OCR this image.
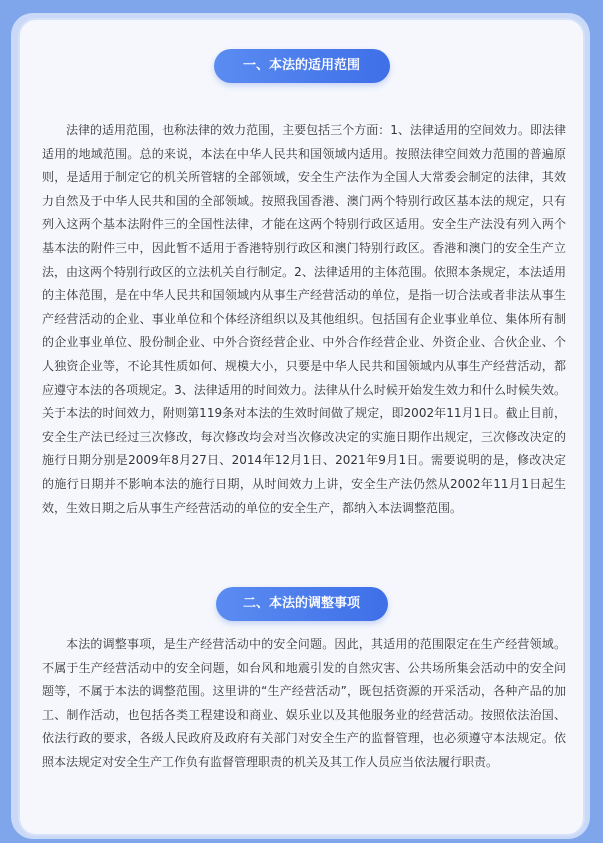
一、本法的适用范围

法律的适用范围，也称法律的效力范围，主要包括三个方面：1、法律适用的空间效力。即法律适用的地域范围。总的来说，本法在中华人民共和国领域内适用。按照法律空间效力范围的普遍原则，是适用于制定它的机关所管辖的全部领域，安全生产法作为全国人大常委会制定的法律，其效力自然及于中华人民共和国的全部领域。按照我国香港、澳门两个特别行政区基本法的规定，只有列入这两个基本法附件三的全国性法律，才能在这两个特别行政区适用。安全生产法没有列入两个基本法的附件三中，因此暂不适用于香港特别行政区和澳门特别行政区。香港和澳门的安全生产立法，由这两个特别行政区的立法机关自行制定。2、法律适用的主体范围。依照本条规定，本法适用的主体范围，是在中华人民共和国领域内从事生产经营活动的单位，是指一切合法或者非法从事生产经营活动的企业、事业单位和个体经济组织以及其他组织。包括国有企业事业单位、集体所有制的企业事业单位、股份制企业、中外合资经营企业、中外合作经营企业、外资企业、合伙企业、个人独资企业等，不论其性质如何、规模大小，只要是中华人民共和国领域内从事生产经营活动，都应遵守本法的各项规定。3、法律适用的时间效力。法律从什么时候开始发生效力和什么时候失效。关于本法的时间效力，附则第119条对本法的生效时间做了规定，即2002年11月1日。截止目前，安全生产法已经过三次修改，每次修改均会对当次修改决定的实施日期作出规定，三次修改决定的施行日期分别是2009年8月27日、2014年12月1日、2021年9月1日。需要说明的是，修改决定的施行日期并不影响本法的施行日期，从时间效力上讲，安全生产法仍然从2002年11月1日起生效，生效日期之后从事生产经营活动的单位的安全生产，都纳入本法调整范围。

二、本法的调整事项

本法的调整事项，是生产经营活动中的安全问题。因此，其适用的范围限定在生产经营领域。不属于生产经营活动中的安全问题，如台风和地震引发的自然灾害、公共场所集会活动中的安全问题等，不属于本法的调整范围。这里讲的“生产经营活动”，既包括资源的开采活动，各种产品的加工、制作活动，也包括各类工程建设和商业、娱乐业以及其他服务业的经营活动。按照依法治国、依法行政的要求，各级人民政府及政府有关部门对安全生产的监督管理，也必须遵守本法规定。依照本法规定对安全生产工作负有监督管理职责的机关及其工作人员应当依法履行职责。
